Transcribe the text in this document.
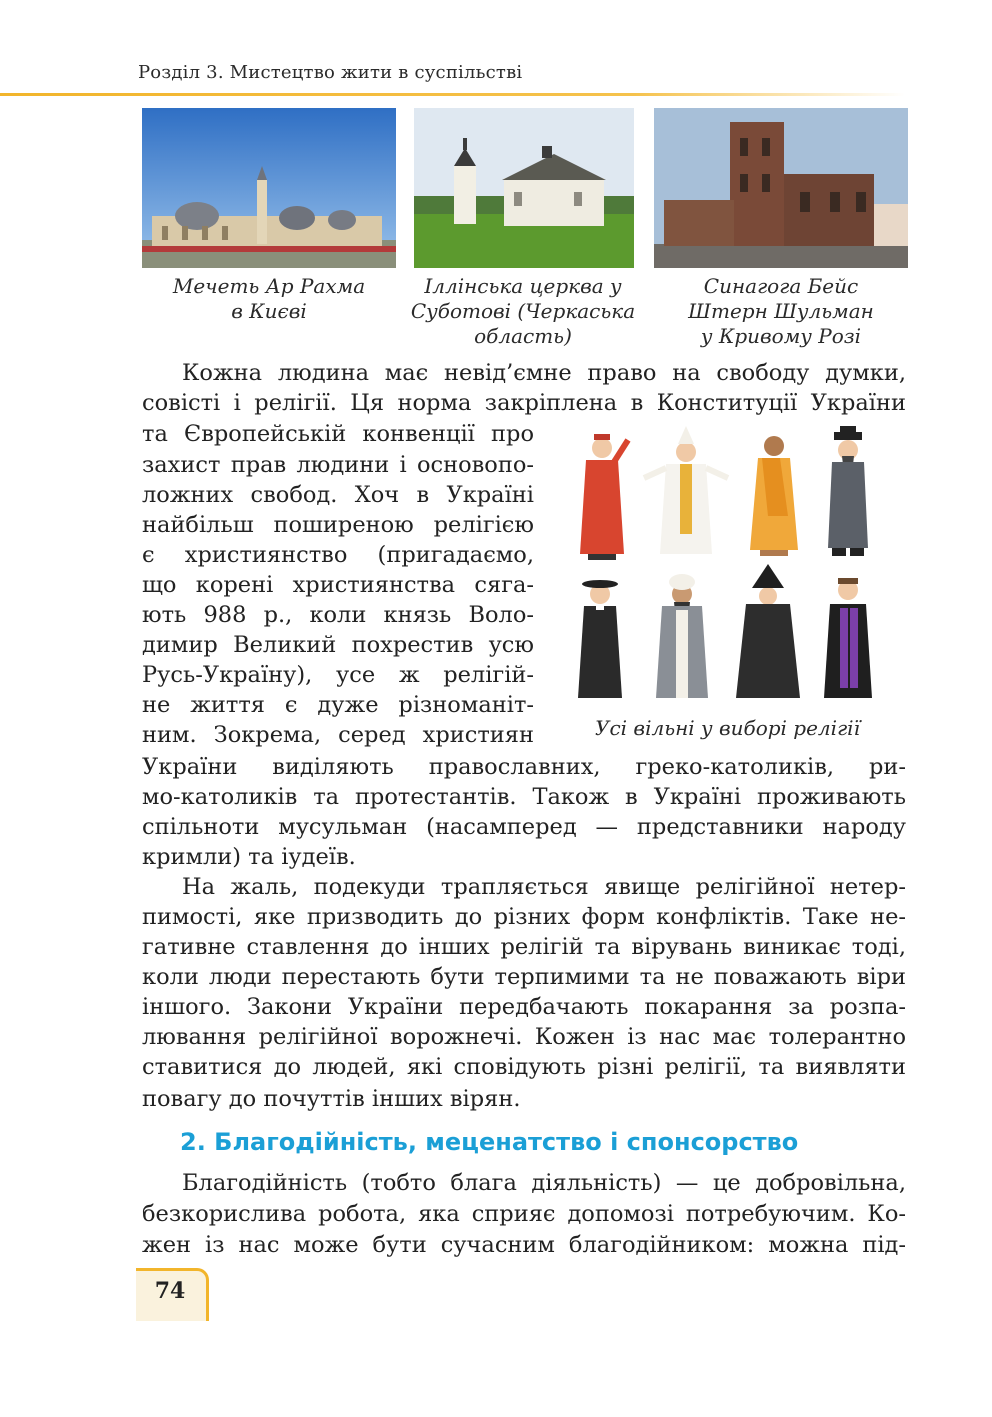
Розділ 3. Мистецтво жити в суспільстві
Мечеть Ар Рахма
в Києві
Іллінська церква у
Суботові (Черкаська
область)
Синагога Бейс
Штерн Шульман
у Кривому Розі
Кожна людина має невід’ємне право на свободу думки,
совісті і релігії. Ця норма закріплена в Конституції України
та Європейській конвенції про
захист прав людини і основопо-
ложних свобод. Хоч в Україні
найбільш поширеною релігією
є християнство (пригадаємо,
що корені християнства сяга-
ють 988 р., коли князь Воло-
димир Великий похрестив усю
Русь-Україну), усе ж релігій-
не життя є дуже різноманіт-
ним. Зокрема, серед християн
України виділяють православних, греко-католиків, ри-
мо-католиків та протестантів. Також в Україні проживають
спільноти мусульман (насамперед — представники народу
кримли) та іудеїв.
На жаль, подекуди трапляється явище релігійної нетер-
пимості, яке призводить до різних форм конфліктів. Таке не-
гативне ставлення до інших релігій та вірувань виникає тоді,
коли люди перестають бути терпимими та не поважають віри
іншого. Закони України передбачають покарання за розпа-
лювання релігійної ворожнечі. Кожен із нас має толерантно
ставитися до людей, які сповідують різні релігії, та виявляти
повагу до почуттів інших вірян.
Усі вільні у виборі релігії
2. Благодійність, меценатство і спонсорство
Благодійність (тобто блага діяльність) — це добровільна,
безкорислива робота, яка сприяє допомозі потребуючим. Ко-
жен із нас може бути сучасним благодійником: можна під-
74
